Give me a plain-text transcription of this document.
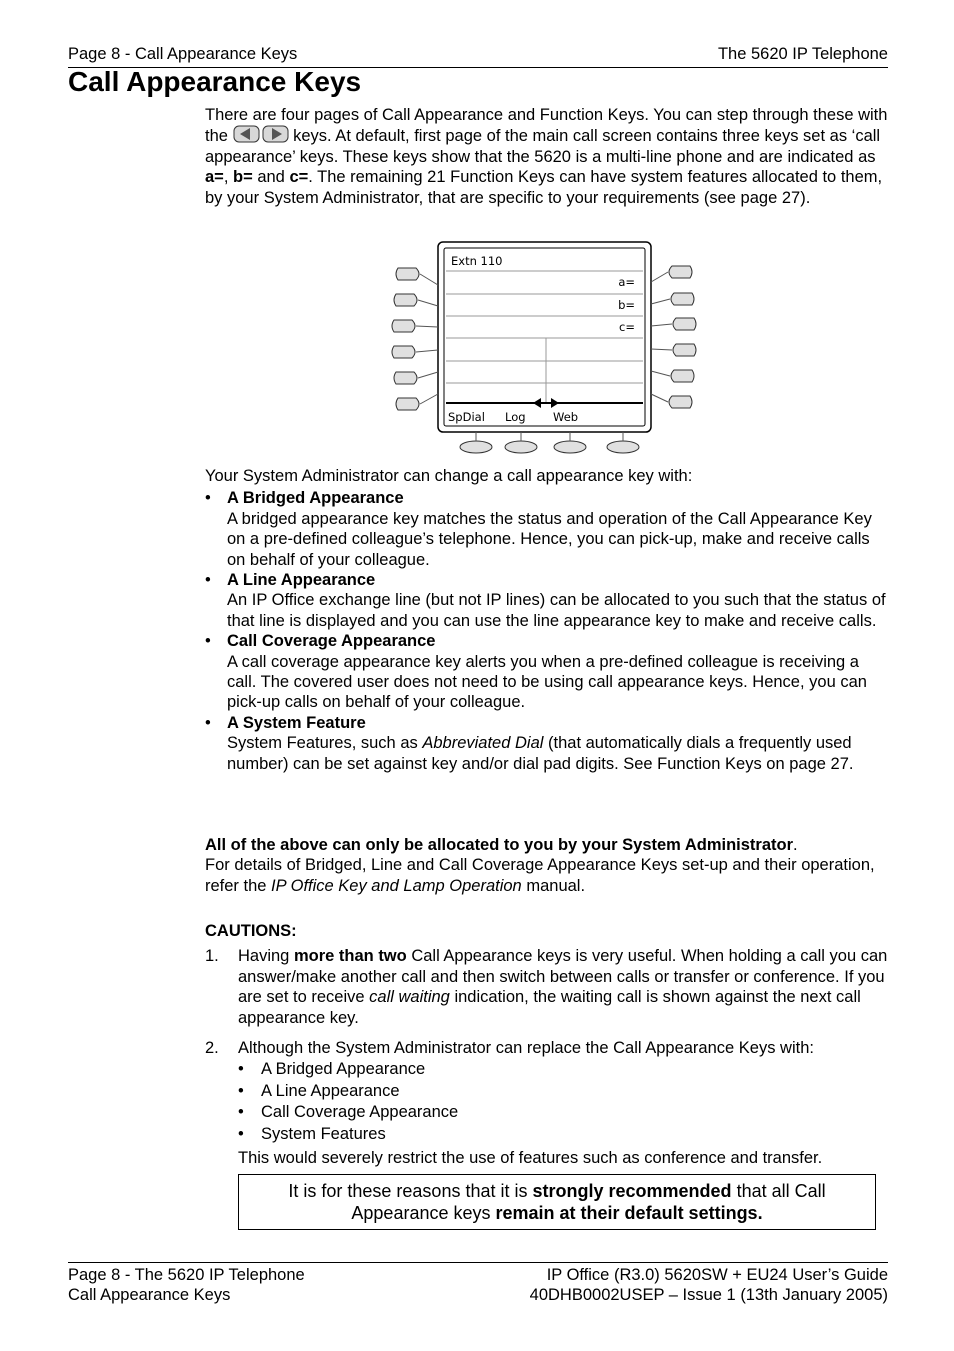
Page 8 - Call Appearance Keys	The 5620 IP Telephone
Call Appearance Keys

There are four pages of Call Appearance and Function Keys. You can step through these with the	keys. At default, first page of the main call screen contains three keys set as ‘call appearance’ keys. These keys show that the 5620 is a multi-line phone and are indicated as a=, b= and c=. The remaining 21 Function Keys can have system features allocated to them, by your System Administrator, that are specific to your requirements (see page 27).

Extn 110
a=
b=
c=
SpDial Log Web

Your System Administrator can change a call appearance key with:

• A Bridged Appearance
A bridged appearance key matches the status and operation of the Call Appearance Key on a pre-defined colleague’s telephone. Hence, you can pick-up, make and receive calls on behalf of your colleague.
• A Line Appearance
An IP Office exchange line (but not IP lines) can be allocated to you such that the status of that line is displayed and you can use the line appearance key to make and receive calls.
• Call Coverage Appearance
A call coverage appearance key alerts you when a pre-defined colleague is receiving a call. The covered user does not need to be using call appearance keys. Hence, you can pick-up calls on behalf of your colleague.
• A System Feature
System Features, such as Abbreviated Dial (that automatically dials a frequently used number) can be set against key and/or dial pad digits. See Function Keys on page 27.

All of the above can only be allocated to you by your System Administrator.
For details of Bridged, Line and Call Coverage Appearance Keys set-up and their operation, refer the IP Office Key and Lamp Operation manual.

CAUTIONS:

1. Having more than two Call Appearance keys is very useful. When holding a call you can answer/make another call and then switch between calls or transfer or conference. If you are set to receive call waiting indication, the waiting call is shown against the next call appearance key.
2. Although the System Administrator can replace the Call Appearance Keys with:
• A Bridged Appearance
• A Line Appearance
• Call Coverage Appearance
• System Features

This would severely restrict the use of features such as conference and transfer.

It is for these reasons that it is strongly recommended that all Call Appearance keys remain at their default settings.
Page 8 - The 5620 IP Telephone
Call Appearance Keys
IP Office (R3.0) 5620SW + EU24 User’s Guide
40DHB0002USEP – Issue 1 (13th January 2005)
